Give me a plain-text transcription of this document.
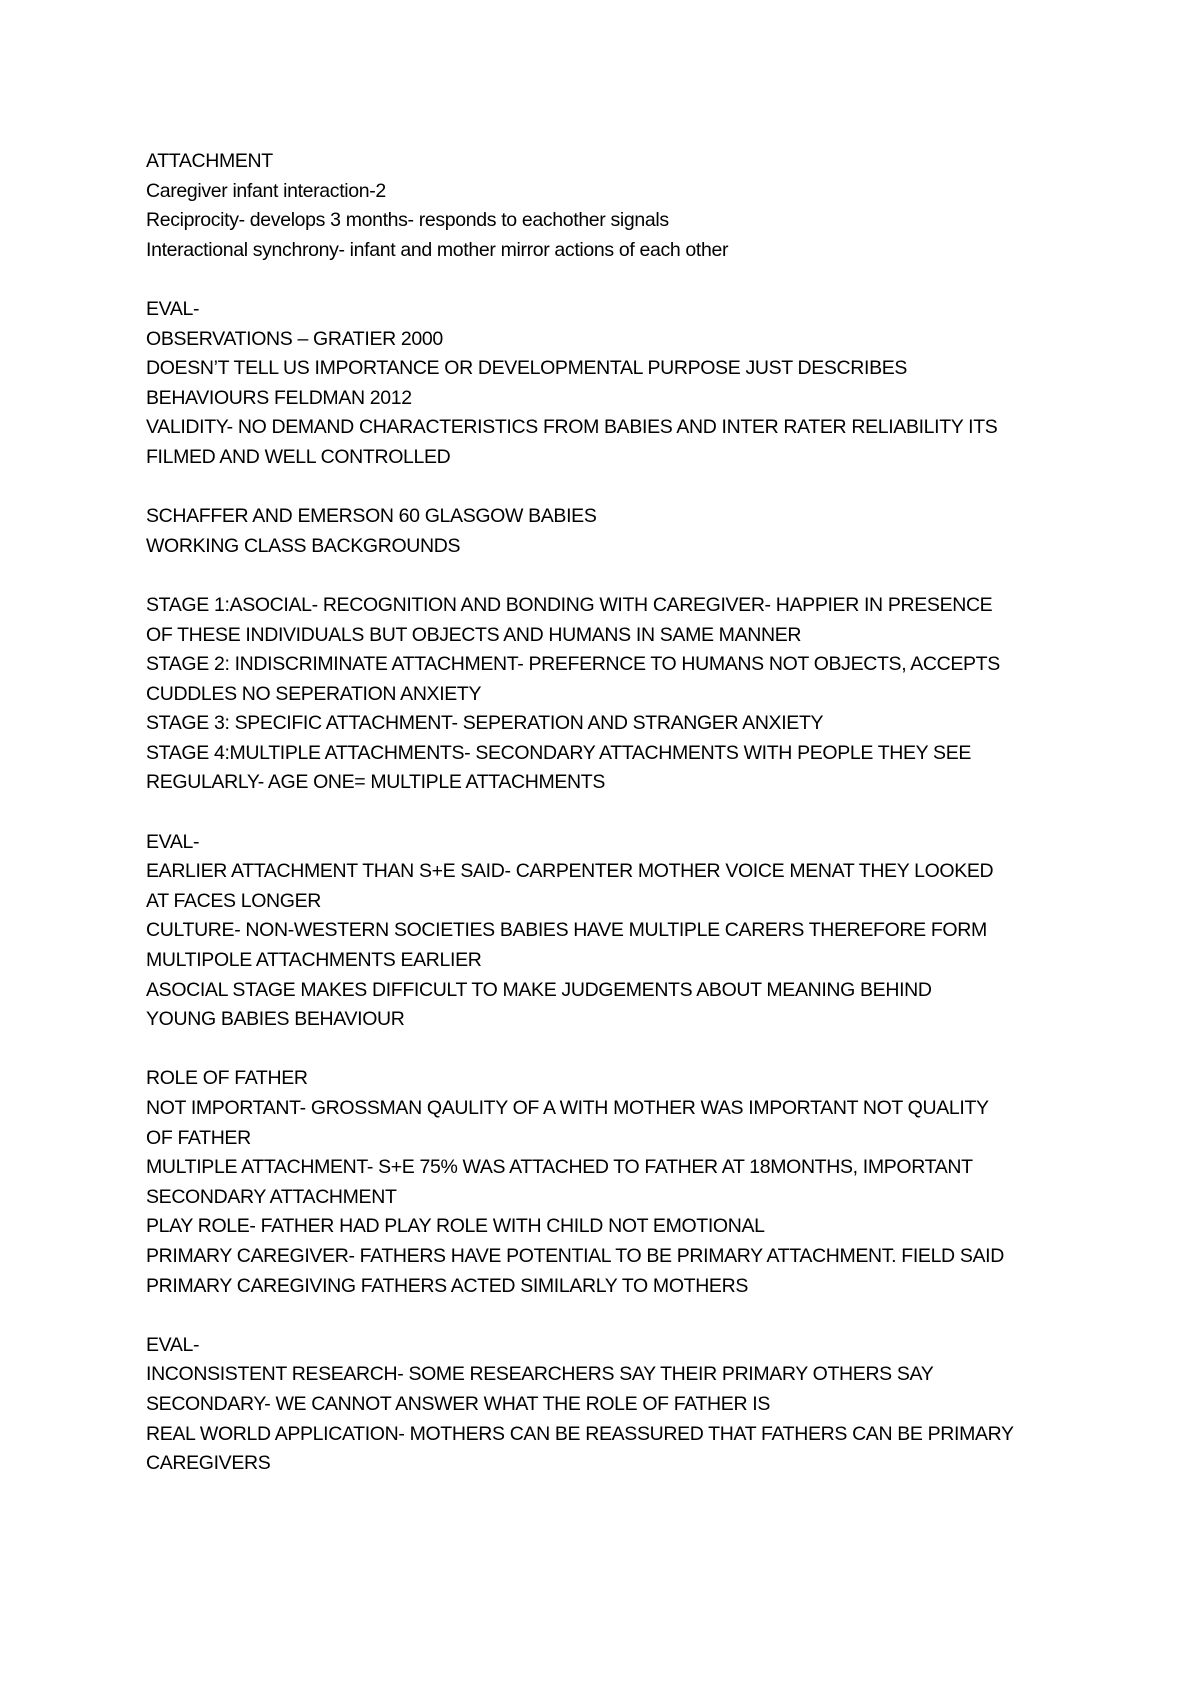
ATTACHMENT
Caregiver infant interaction-2
Reciprocity- develops 3 months- responds to eachother signals
Interactional synchrony- infant and mother mirror actions of each other
EVAL-
OBSERVATIONS – GRATIER 2000
DOESN’T TELL US IMPORTANCE OR DEVELOPMENTAL PURPOSE JUST DESCRIBES
BEHAVIOURS FELDMAN 2012
VALIDITY- NO DEMAND CHARACTERISTICS FROM BABIES AND INTER RATER RELIABILITY ITS
FILMED AND WELL CONTROLLED
SCHAFFER AND EMERSON 60 GLASGOW BABIES
WORKING CLASS BACKGROUNDS
STAGE 1:ASOCIAL- RECOGNITION AND BONDING WITH CAREGIVER- HAPPIER IN PRESENCE
OF THESE INDIVIDUALS BUT OBJECTS AND HUMANS IN SAME MANNER
STAGE 2: INDISCRIMINATE ATTACHMENT- PREFERNCE TO HUMANS NOT OBJECTS, ACCEPTS
CUDDLES NO SEPERATION ANXIETY
STAGE 3: SPECIFIC ATTACHMENT- SEPERATION AND STRANGER ANXIETY
STAGE 4:MULTIPLE ATTACHMENTS- SECONDARY ATTACHMENTS WITH PEOPLE THEY SEE
REGULARLY- AGE ONE= MULTIPLE ATTACHMENTS
EVAL-
EARLIER ATTACHMENT THAN S+E SAID- CARPENTER MOTHER VOICE MENAT THEY LOOKED
AT FACES LONGER
CULTURE- NON-WESTERN SOCIETIES BABIES HAVE MULTIPLE CARERS THEREFORE FORM
MULTIPOLE ATTACHMENTS EARLIER
ASOCIAL STAGE MAKES DIFFICULT TO MAKE JUDGEMENTS ABOUT MEANING BEHIND
YOUNG BABIES BEHAVIOUR
ROLE OF FATHER
NOT IMPORTANT- GROSSMAN QAULITY OF A WITH MOTHER WAS IMPORTANT NOT QUALITY
OF FATHER
MULTIPLE ATTACHMENT- S+E 75% WAS ATTACHED TO FATHER AT 18MONTHS, IMPORTANT
SECONDARY ATTACHMENT
PLAY ROLE- FATHER HAD PLAY ROLE WITH CHILD NOT EMOTIONAL
PRIMARY CAREGIVER- FATHERS HAVE POTENTIAL TO BE PRIMARY ATTACHMENT. FIELD SAID
PRIMARY CAREGIVING FATHERS ACTED SIMILARLY TO MOTHERS
EVAL-
INCONSISTENT RESEARCH- SOME RESEARCHERS SAY THEIR PRIMARY OTHERS SAY
SECONDARY- WE CANNOT ANSWER WHAT THE ROLE OF FATHER IS
REAL WORLD APPLICATION- MOTHERS CAN BE REASSURED THAT FATHERS CAN BE PRIMARY
CAREGIVERS
